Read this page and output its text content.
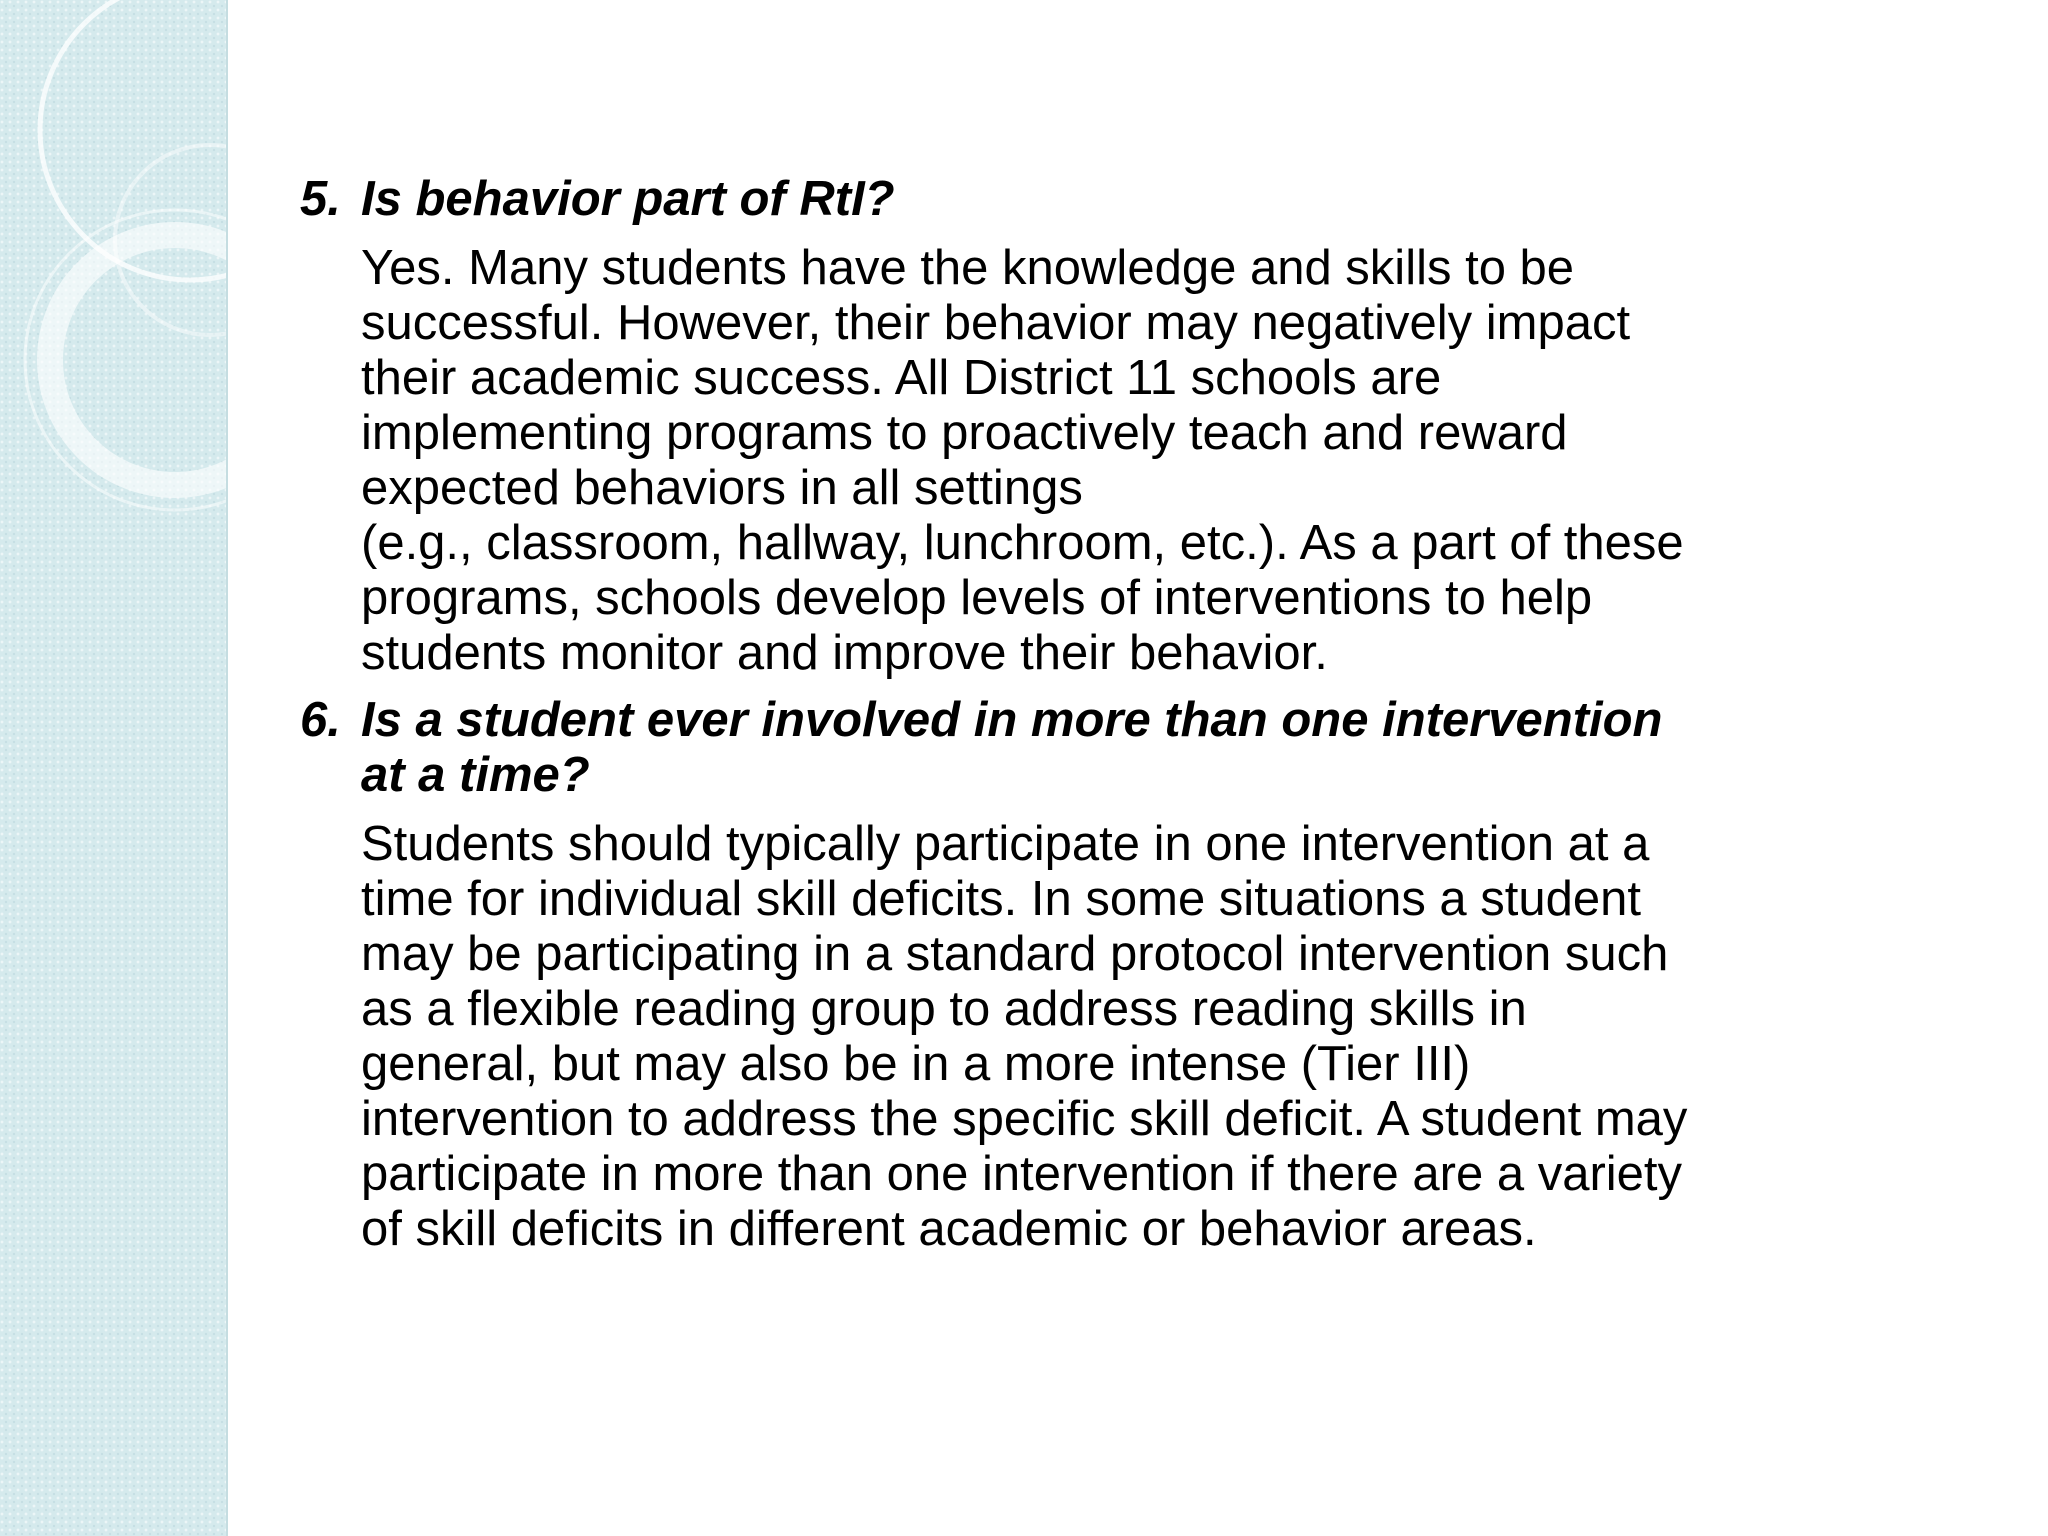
5. Is behavior part of RtI?

Yes. Many students have the knowledge and skills to be
successful. However, their behavior may negatively impact
their academic success. All District 11 schools are
implementing programs to proactively teach and reward
expected behaviors in all settings
(e.g., classroom, hallway, lunchroom, etc.). As a part of these
programs, schools develop levels of interventions to help
students monitor and improve their behavior.

6. Is a student ever involved in more than one intervention
at a time?

Students should typically participate in one intervention at a
time for individual skill deficits. In some situations a student
may be participating in a standard protocol intervention such
as a flexible reading group to address reading skills in
general, but may also be in a more intense (Tier III)
intervention to address the specific skill deficit. A student may
participate in more than one intervention if there are a variety
of skill deficits in different academic or behavior areas.
